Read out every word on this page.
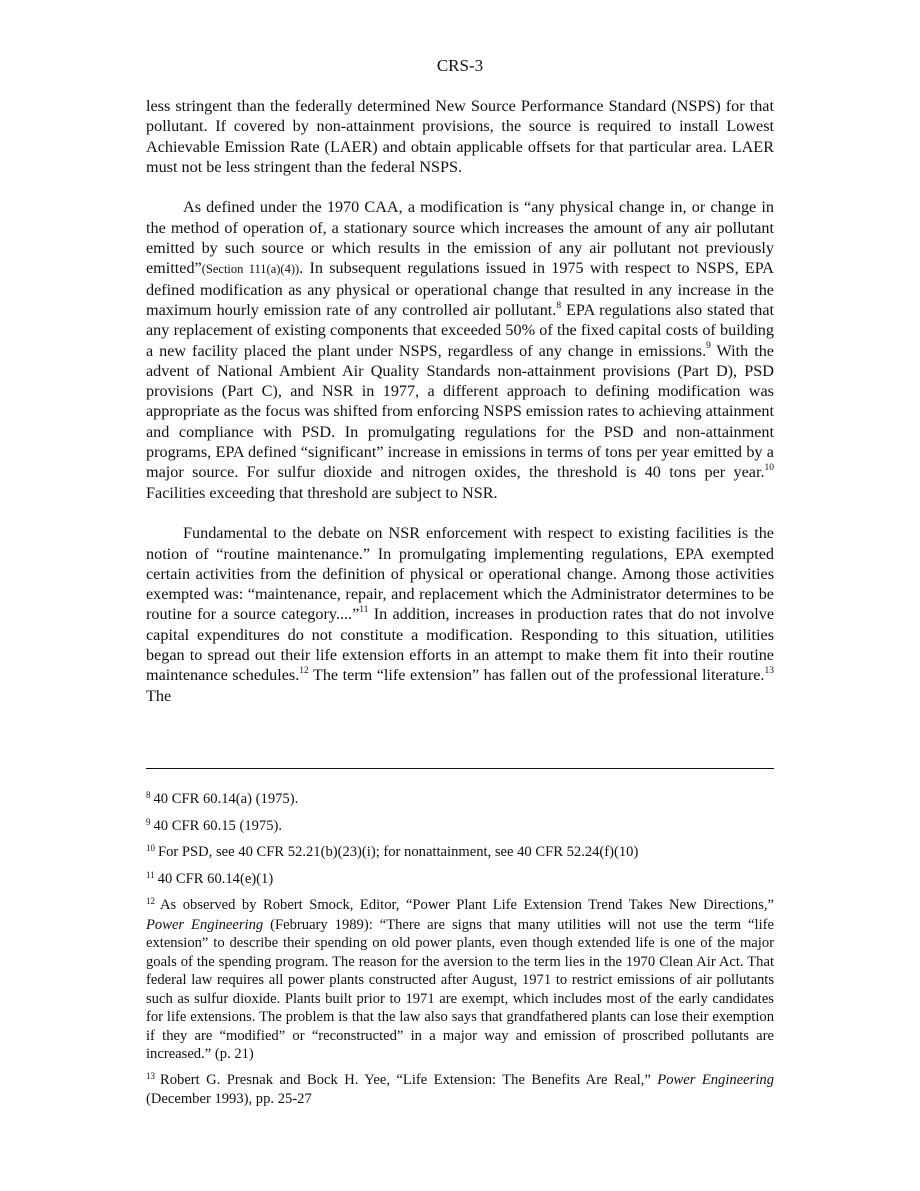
CRS-3

less stringent than the federally determined New Source Performance Standard (NSPS) for that pollutant. If covered by non-attainment provisions, the source is required to install Lowest Achievable Emission Rate (LAER) and obtain applicable offsets for that particular area. LAER must not be less stringent than the federal NSPS.

As defined under the 1970 CAA, a modification is “any physical change in, or change in the method of operation of, a stationary source which increases the amount of any air pollutant emitted by such source or which results in the emission of any air pollutant not previously emitted”(Section 111(a)(4)). In subsequent regulations issued in 1975 with respect to NSPS, EPA defined modification as any physical or operational change that resulted in any increase in the maximum hourly emission rate of any controlled air pollutant.$^8$ EPA regulations also stated that any replacement of existing components that exceeded 50% of the fixed capital costs of building a new facility placed the plant under NSPS, regardless of any change in emissions.$^9$ With the advent of National Ambient Air Quality Standards non-attainment provisions (Part D), PSD provisions (Part C), and NSR in 1977, a different approach to defining modification was appropriate as the focus was shifted from enforcing NSPS emission rates to achieving attainment and compliance with PSD. In promulgating regulations for the PSD and non-attainment programs, EPA defined “significant” increase in emissions in terms of tons per year emitted by a major source. For sulfur dioxide and nitrogen oxides, the threshold is 40 tons per year.$^{10}$ Facilities exceeding that threshold are subject to NSR.

Fundamental to the debate on NSR enforcement with respect to existing facilities is the notion of “routine maintenance.” In promulgating implementing regulations, EPA exempted certain activities from the definition of physical or operational change. Among those activities exempted was: “maintenance, repair, and replacement which the Administrator determines to be routine for a source category....”$^{11}$ In addition, increases in production rates that do not involve capital expenditures do not constitute a modification. Responding to this situation, utilities began to spread out their life extension efforts in an attempt to make them fit into their routine maintenance schedules.$^{12}$ The term “life extension” has fallen out of the professional literature.$^{13}$ The

$^8$ 40 CFR 60.14(a) (1975).

$^9$ 40 CFR 60.15 (1975).

$^{10}$ For PSD, see 40 CFR 52.21(b)(23)(i); for nonattainment, see 40 CFR 52.24(f)(10)

$^{11}$ 40 CFR 60.14(e)(1)

$^{12}$ As observed by Robert Smock, Editor, “Power Plant Life Extension Trend Takes New Directions,” Power Engineering (February 1989): “There are signs that many utilities will not use the term “life extension” to describe their spending on old power plants, even though extended life is one of the major goals of the spending program. The reason for the aversion to the term lies in the 1970 Clean Air Act. That federal law requires all power plants constructed after August, 1971 to restrict emissions of air pollutants such as sulfur dioxide. Plants built prior to 1971 are exempt, which includes most of the early candidates for life extensions. The problem is that the law also says that grandfathered plants can lose their exemption if they are “modified” or “reconstructed” in a major way and emission of proscribed pollutants are increased.” (p. 21)

$^{13}$ Robert G. Presnak and Bock H. Yee, “Life Extension: The Benefits Are Real,” Power Engineering (December 1993), pp. 25-27
